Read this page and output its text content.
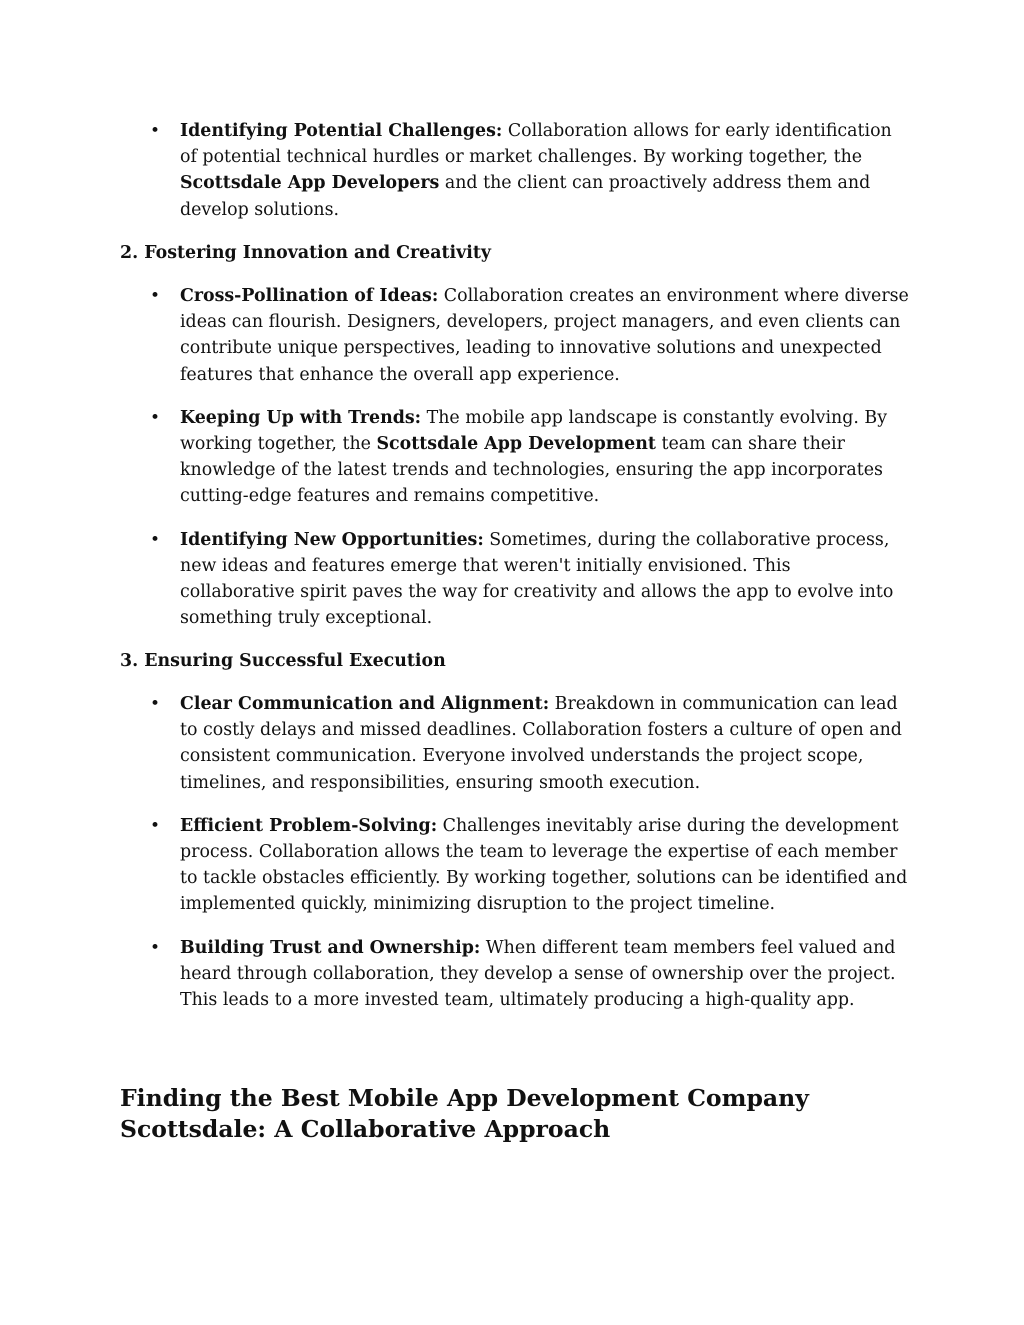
• Identifying Potential Challenges: Collaboration allows for early identification of potential technical hurdles or market challenges. By working together, the Scottsdale App Developers and the client can proactively address them and develop solutions.
2. Fostering Innovation and Creativity
• Cross-Pollination of Ideas: Collaboration creates an environment where diverse ideas can flourish. Designers, developers, project managers, and even clients can contribute unique perspectives, leading to innovative solutions and unexpected features that enhance the overall app experience.
• Keeping Up with Trends: The mobile app landscape is constantly evolving. By working together, the Scottsdale App Development team can share their knowledge of the latest trends and technologies, ensuring the app incorporates cutting-edge features and remains competitive.
• Identifying New Opportunities: Sometimes, during the collaborative process, new ideas and features emerge that weren't initially envisioned. This collaborative spirit paves the way for creativity and allows the app to evolve into something truly exceptional.
3. Ensuring Successful Execution
• Clear Communication and Alignment: Breakdown in communication can lead to costly delays and missed deadlines. Collaboration fosters a culture of open and consistent communication. Everyone involved understands the project scope, timelines, and responsibilities, ensuring smooth execution.
• Efficient Problem-Solving: Challenges inevitably arise during the development process. Collaboration allows the team to leverage the expertise of each member to tackle obstacles efficiently. By working together, solutions can be identified and implemented quickly, minimizing disruption to the project timeline.
• Building Trust and Ownership: When different team members feel valued and heard through collaboration, they develop a sense of ownership over the project. This leads to a more invested team, ultimately producing a high-quality app.
Finding the Best Mobile App Development Company Scottsdale: A Collaborative Approach
